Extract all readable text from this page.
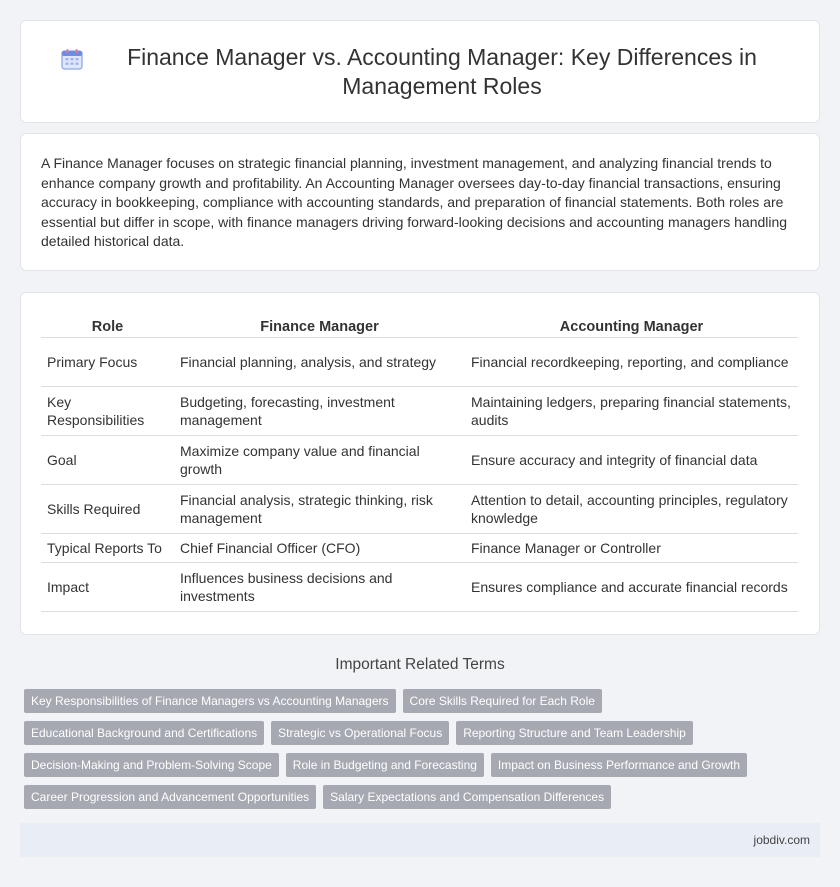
Finance Manager vs. Accounting Manager: Key Differences in Management Roles

A Finance Manager focuses on strategic financial planning, investment management, and analyzing financial trends to enhance company growth and profitability. An Accounting Manager oversees day-to-day financial transactions, ensuring accuracy in bookkeeping, compliance with accounting standards, and preparation of financial statements. Both roles are essential but differ in scope, with finance managers driving forward-looking decisions and accounting managers handling detailed historical data.

Role	Finance Manager	Accounting Manager
Primary Focus	Financial planning, analysis, and strategy	Financial recordkeeping, reporting, and compliance
Key Responsibilities	Budgeting, forecasting, investment management	Maintaining ledgers, preparing financial statements, audits
Goal	Maximize company value and financial growth	Ensure accuracy and integrity of financial data
Skills Required	Financial analysis, strategic thinking, risk management	Attention to detail, accounting principles, regulatory knowledge
Typical Reports To	Chief Financial Officer (CFO)	Finance Manager or Controller
Impact	Influences business decisions and investments	Ensures compliance and accurate financial records
Important Related Terms
Key Responsibilities of Finance Managers vs Accounting Managers	Core Skills Required for Each Role
Educational Background and Certifications	Strategic vs Operational Focus	Reporting Structure and Team Leadership
Decision-Making and Problem-Solving Scope	Role in Budgeting and Forecasting	Impact on Business Performance and Growth
Career Progression and Advancement Opportunities	Salary Expectations and Compensation Differences
jobdiv.com
